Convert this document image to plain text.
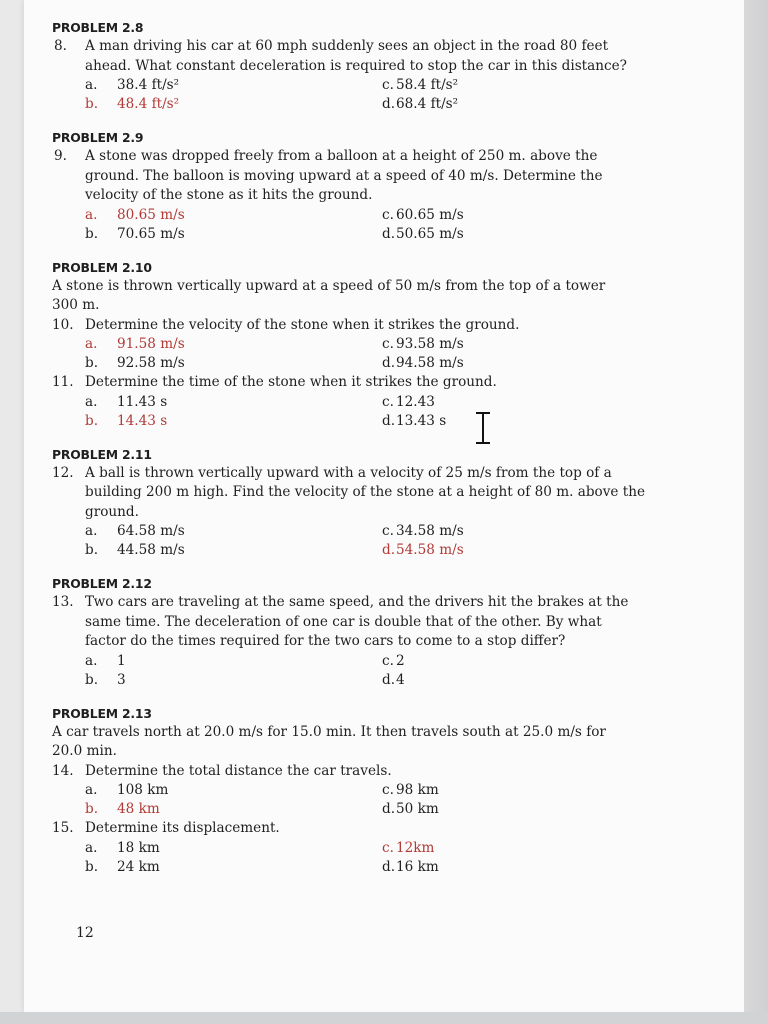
PROBLEM 2.8
8. A man driving his car at 60 mph suddenly sees an object in the road 80 feet
ahead. What constant deceleration is required to stop the car in this distance?
a. 38.4 ft/s²	c. 58.4 ft/s²
b. 48.4 ft/s²	d.68.4 ft/s²
PROBLEM 2.9
9. A stone was dropped freely from a balloon at a height of 250 m. above the
ground. The balloon is moving upward at a speed of 40 m/s. Determine the
velocity of the stone as it hits the ground.
a. 80.65 m/s	c. 60.65 m/s
b. 70.65 m/s	d.50.65 m/s
PROBLEM 2.10
A stone is thrown vertically upward at a speed of 50 m/s from the top of a tower
300 m.
10. Determine the velocity of the stone when it strikes the ground.
a. 91.58 m/s	c. 93.58 m/s
b. 92.58 m/s	d.94.58 m/s
11. Determine the time of the stone when it strikes the ground.
a. 11.43 s	c. 12.43
b. 14.43 s	d.13.43 s
PROBLEM 2.11
12. A ball is thrown vertically upward with a velocity of 25 m/s from the top of a
building 200 m high. Find the velocity of the stone at a height of 80 m. above the
ground.
a. 64.58 m/s	c. 34.58 m/s
b. 44.58 m/s	d.54.58 m/s
PROBLEM 2.12
13. Two cars are traveling at the same speed, and the drivers hit the brakes at the
same time. The deceleration of one car is double that of the other. By what
factor do the times required for the two cars to come to a stop differ?
a. 1	c. 2
b. 3	d.4
PROBLEM 2.13
A car travels north at 20.0 m/s for 15.0 min. It then travels south at 25.0 m/s for
20.0 min.
14. Determine the total distance the car travels.
a. 108 km	c. 98 km
b. 48 km	d.50 km
15. Determine its displacement.
a. 18 km	c. 12km
b. 24 km	d.16 km
12
